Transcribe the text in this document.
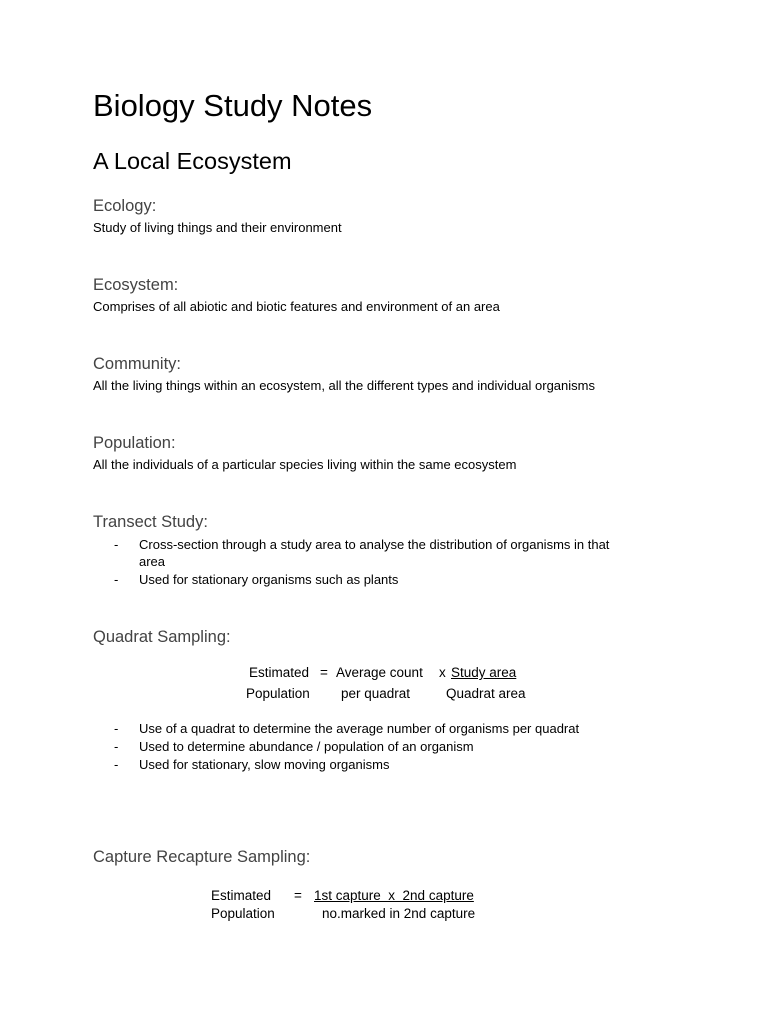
Biology Study Notes
A Local Ecosystem
Ecology:
Study of living things and their environment
Ecosystem:
Comprises of all abiotic and biotic features and environment of an area
Community:
All the living things within an ecosystem, all the different types and individual organisms
Population:
All the individuals of a particular species living within the same ecosystem
Transect Study:
- Cross-section through a study area to analyse the distribution of organisms in that
area
- Used for stationary organisms such as plants
Quadrat Sampling:
Estimated = Average count x Study area
Population per quadrat	Quadrat area
- Use of a quadrat to determine the average number of organisms per quadrat
- Used to determine abundance / population of an organism
- Used for stationary, slow moving organisms
Capture Recapture Sampling:
Estimated = 1st capture  x  2nd capture
Population	no.marked in 2nd capture
